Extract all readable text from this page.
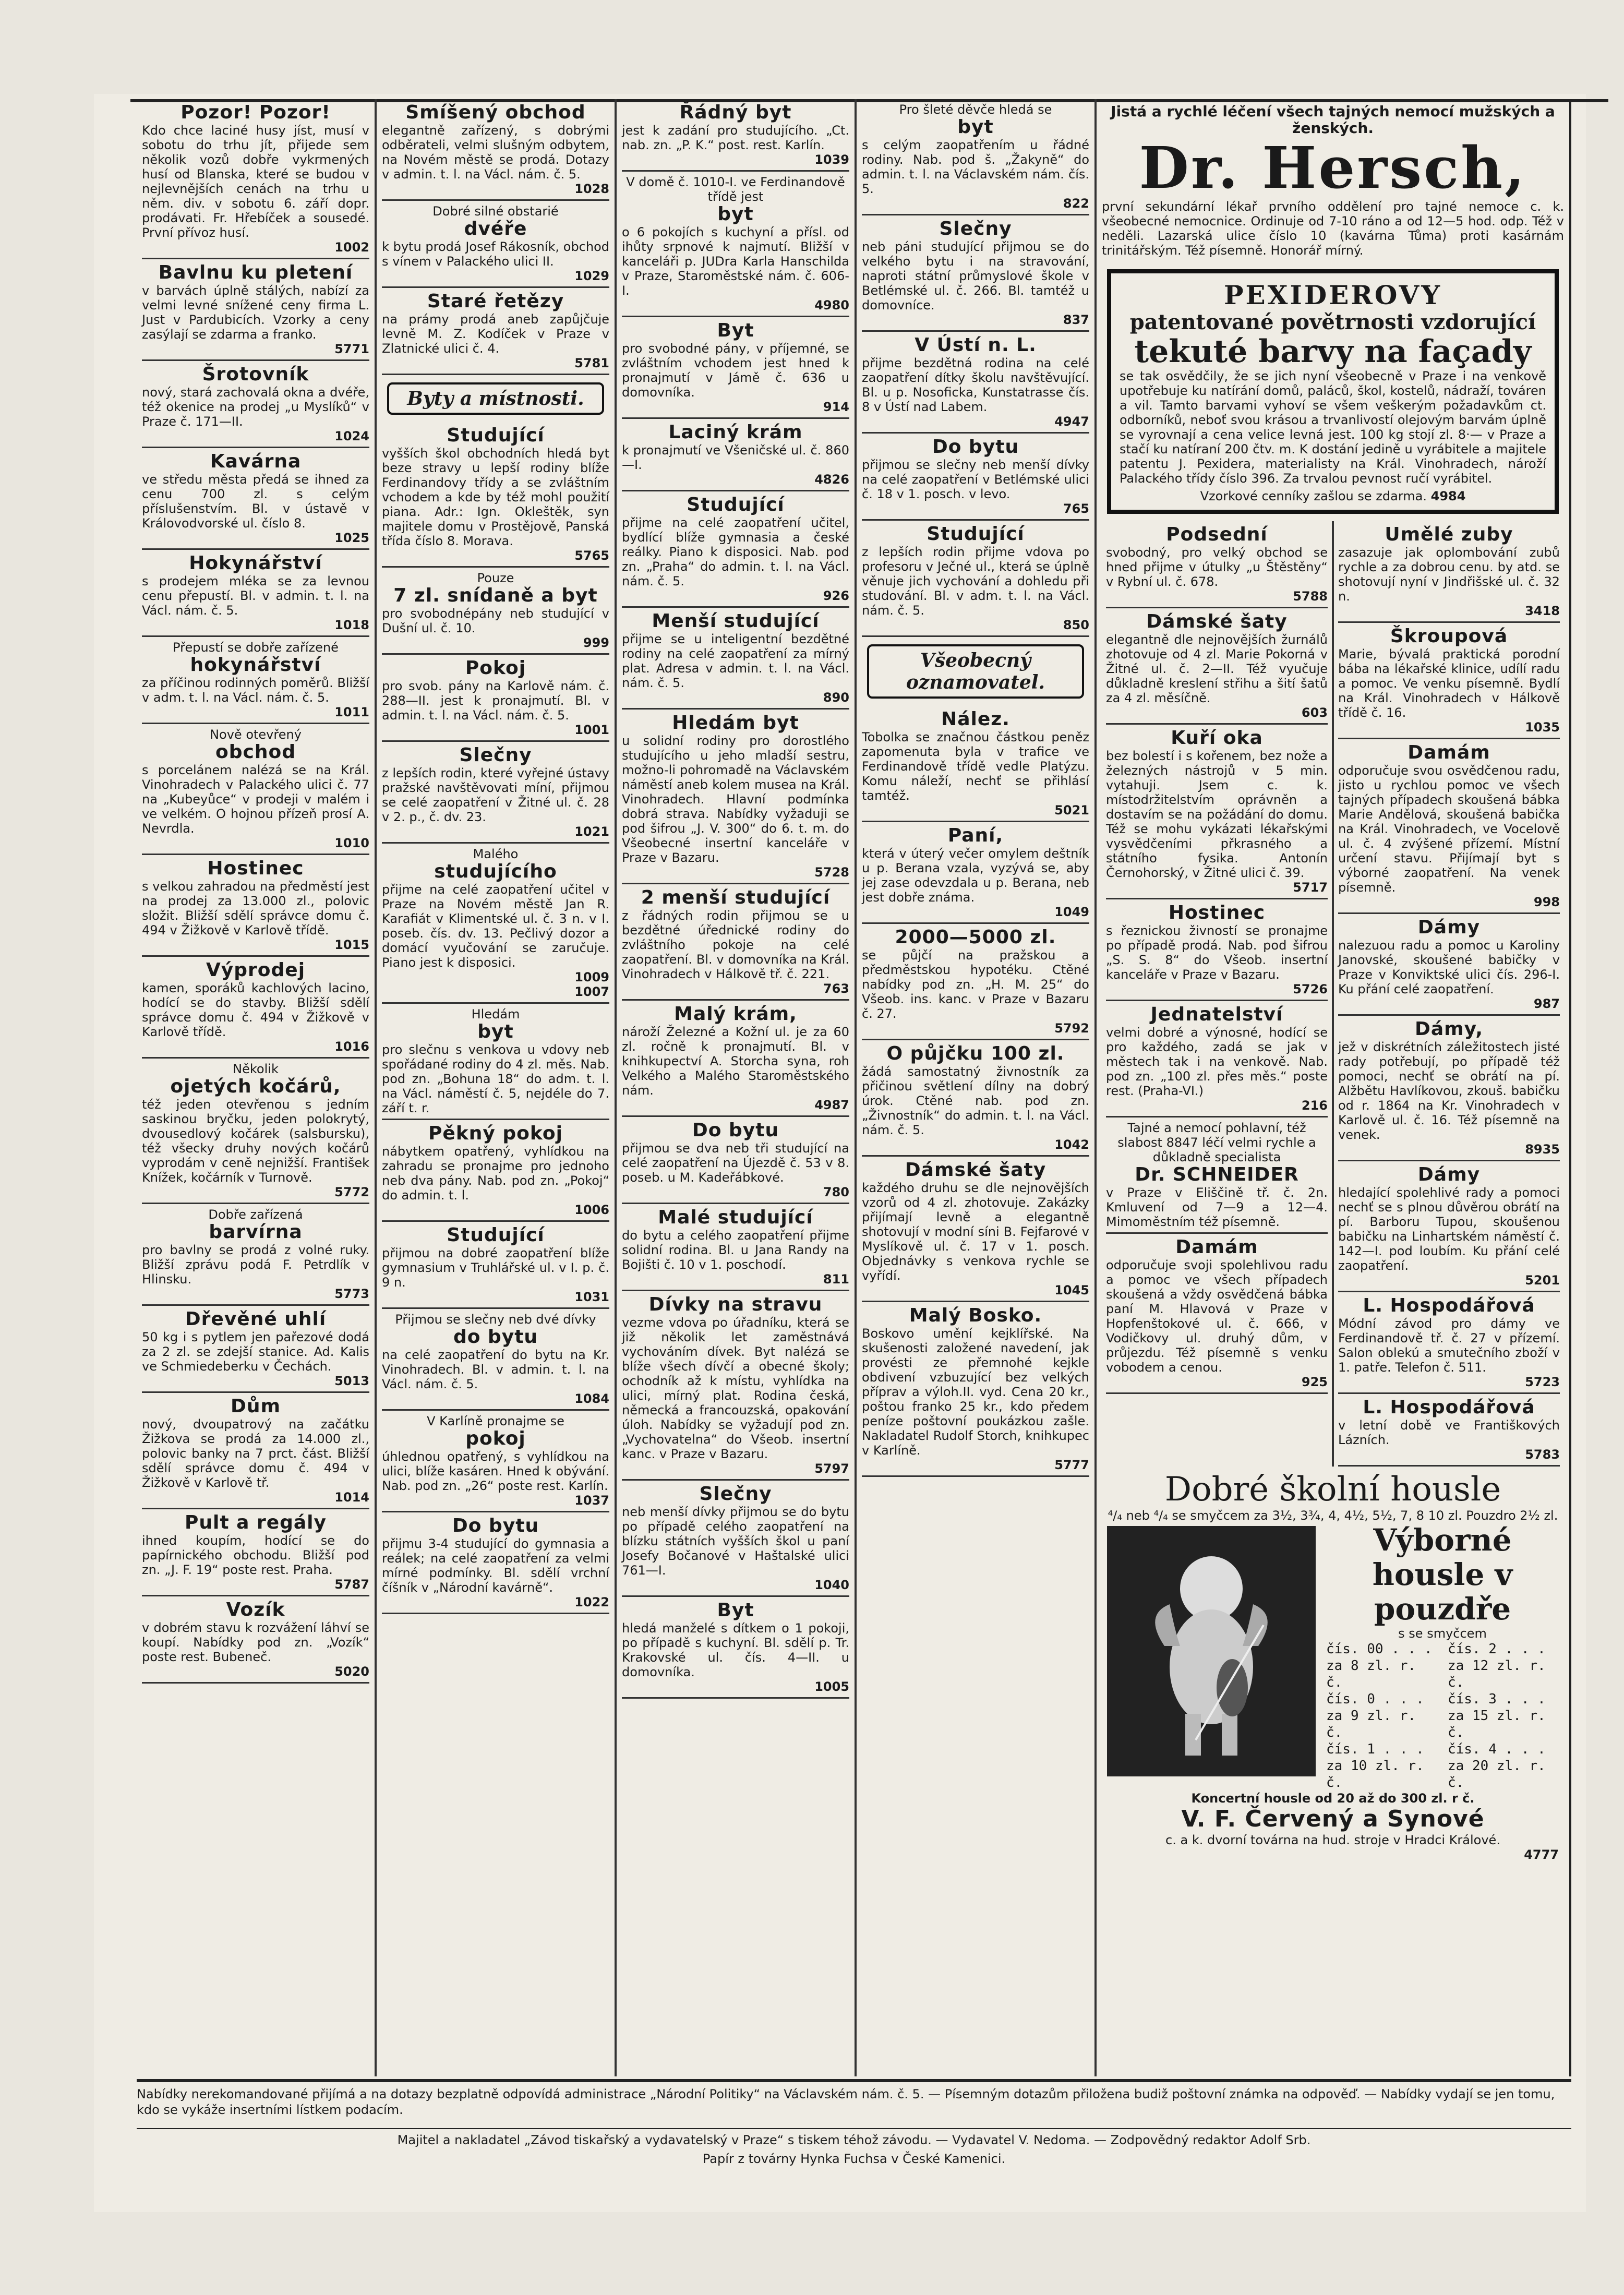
Pozor! Pozor!
Kdo chce laciné husy jíst, musí v sobotu do trhu jít, přijede sem několik vozů dobře vykrmených husí od Blanska, které se budou v nejlevnějších cenách na trhu u něm. div. v sobotu 6. září dopr. prodávati. Fr. Hřebíček a sousedé. První přívoz husí.
1002
Bavlnu ku pletení
v barvách úplně stálých, nabízí za velmi levné snížené ceny firma L. Just v Pardubicích. Vzorky a ceny zasýlají se zdarma a franko.
5771
Šrotovník
nový, stará zachovalá okna a dvéře, též okenice na prodej „u Myslíků“ v Praze č. 171—II.
1024
Kavárna
ve středu města předá se ihned za cenu 700 zl. s celým příslušenstvím. Bl. v ústavě v Královodvorské ul. číslo 8.
1025
Hokynářství
s prodejem mléka se za levnou cenu přepustí. Bl. v admin. t. l. na Václ. nám. č. 5.
1018
Přepustí se dobře zařízené
hokynářství
za příčinou rodinných poměrů. Bližší v adm. t. l. na Václ. nám. č. 5.
1011
Nově otevřený
obchod
s porcelánem nalézá se na Král. Vinohradech v Palackého ulici č. 77 na „Kubeyůce“ v prodeji v malém i ve velkém. O hojnou přízeň prosí A. Nevrdla.
1010
Hostinec
s velkou zahradou na předměstí jest na prodej za 13.000 zl., polovic složit. Bližší sdělí správce domu č. 494 v Žižkově v Karlově třídě.
1015
Výprodej
kamen, sporáků kachlových lacino, hodící se do stavby. Bližší sdělí správce domu č. 494 v Žižkově v Karlově třídě.
1016
Několik
ojetých kočárů,
též jeden otevřenou s jedním saskinou bryčku, jeden polokrytý, dvousedlový kočárek (salsbursku), též všecky druhy nových kočárů vyprodám v ceně nejnižší. František Knížek, kočárník v Turnově.
5772
Dobře zařízená
barvírna
pro bavlny se prodá z volné ruky. Bližší zprávu podá F. Petrdlík v Hlinsku.
5773
Dřevěné uhlí
50 kg i s pytlem jen pařezové dodá za 2 zl. se zdejší stanice. Ad. Kalis ve Schmiedeberku v Čechách.
5013
Dům
nový, dvoupatrový na začátku Žižkova se prodá za 14.000 zl., polovic banky na 7 prct. část. Bližší sdělí správce domu č. 494 v Žižkově v Karlově tř.
1014
Pult a regály
ihned koupím, hodící se do papírnického obchodu. Bližší pod zn. „J. F. 19“ poste rest. Praha.
5787
Vozík
v dobrém stavu k rozvážení láhví se koupí. Nabídky pod zn. „Vozík“ poste rest. Bubeneč.
5020
Smíšený obchod
elegantně zařízený, s dobrými odběrateli, velmi slušným odbytem, na Novém městě se prodá. Dotazy v admin. t. l. na Václ. nám. č. 5.
1028
Dobré silné obstarié
dvéře
k bytu prodá Josef Rákosník, obchod s vínem v Palackého ulici II.
1029
Staré řetězy
na prámy prodá aneb zapůjčuje levně M. Z. Kodíček v Praze v Zlatnické ulici č. 4.
5781
Byty a místnosti.
Studující
vyšších škol obchodních hledá byt beze stravy u lepší rodiny blíže Ferdinandovy třídy a se zvláštním vchodem a kde by též mohl použití piana. Adr.: Ign. Okleštěk, syn majitele domu v Prostějově, Panská třída číslo 8. Morava.
5765
Pouze
7 zl. snídaně a byt
pro svobodnépány neb studující v Dušní ul. č. 10.
999
Pokoj
pro svob. pány na Karlově nám. č. 288—II. jest k pronajmutí. Bl. v admin. t. l. na Václ. nám. č. 5.
1001
Slečny
z lepších rodin, které vyřejné ústavy pražské navštěvovati míní, přijmou se celé zaopatření v Žitné ul. č. 28 v 2. p., č. dv. 23.
1021
Malého
studujícího
přijme na celé zaopatření učitel v Praze na Novém městě Jan R. Karafiát v Klimentské ul. č. 3 n. v I. poseb. čís. dv. 13. Pečlivý dozor a domácí vyučování se zaručuje. Piano jest k disposici.
1009
1007
Hledám
byt
pro slečnu s venkova u vdovy neb spořádané rodiny do 4 zl. měs. Nab. pod zn. „Bohuna 18“ do adm. t. l. na Václ. náměstí č. 5, nejdéle do 7. září t. r.
Pěkný pokoj
nábytkem opatřený, vyhlídkou na zahradu se pronajme pro jednoho neb dva pány. Nab. pod zn. „Pokoj“ do admin. t. l.
1006
Studující
přijmou na dobré zaopatření blíže gymnasium v Truhlářské ul. v I. p. č. 9 n.
1031
Přijmou se slečny neb dvé dívky
do bytu
na celé zaopatření do bytu na Kr. Vinohradech. Bl. v admin. t. l. na Václ. nám. č. 5.
1084
V Karlíně pronajme se
pokoj
úhlednou opatřený, s vyhlídkou na ulici, blíže kasáren. Hned k obývání. Nab. pod zn. „26“ poste rest. Karlín.
1037
Do bytu
přijmu 3-4 studující do gymnasia a reálek; na celé zaopatření za velmi mírné podmínky. Bl. sdělí vrchní číšník v „Národní kavárně“.
1022
Řádný byt
jest k zadání pro studujícího. „Ct. nab. zn. „P. K.“ post. rest. Karlín.
1039
V domě č. 1010-I. ve Ferdinandově třídě jest
byt
o 6 pokojích s kuchyní a přísl. od ihůty srpnové k najmutí. Bližší v kanceláři p. JUDra Karla Hanschilda v Praze, Staroměstské nám. č. 606-I.
4980
Byt
pro svobodné pány, v příjemné, se zvláštním vchodem jest hned k pronajmutí v Jámě č. 636 u domovníka.
914
Laciný krám
k pronajmutí ve Všeničské ul. č. 860—I.
4826
Studující
přijme na celé zaopatření učitel, bydlící blíže gymnasia a české reálky. Piano k disposici. Nab. pod zn. „Praha“ do admin. t. l. na Václ. nám. č. 5.
926
Menší studující
přijme se u inteligentní bezdětné rodiny na celé zaopatření za mírný plat. Adresa v admin. t. l. na Václ. nám. č. 5.
890
Hledám byt
u solidní rodiny pro dorostlého studujícího u jeho mladší sestru, možno-li pohromadě na Václavském náměstí aneb kolem musea na Král. Vinohradech. Hlavní podmínka dobrá strava. Nabídky vyžaduji se pod šifrou „J. V. 300“ do 6. t. m. do Všeobecné insertní kanceláře v Praze v Bazaru.
5728
2 menší studující
z řádných rodin přijmou se u bezdětné úřednické rodiny do zvláštního pokoje na celé zaopatření. Bl. v domovníka na Král. Vinohradech v Hálkově tř. č. 221.
763
Malý krám,
nároží Železné a Kožní ul. je za 60 zl. ročně k pronajmutí. Bl. v knihkupectví A. Storcha syna, roh Velkého a Malého Staroměstského nám.
4987
Do bytu
přijmou se dva neb tři studující na celé zaopatření na Újezdě č. 53 v 8. poseb. u M. Kadeřábkové.
780
Malé studující
do bytu a celého zaopatření přijme solidní rodina. Bl. u Jana Randy na Bojišti č. 10 v 1. poschodí.
811
Dívky na stravu
vezme vdova po úřadníku, která se již několik let zaměstnává vychováním dívek. Byt nalézá se blíže všech dívčí a obecné školy; ochodník až k místu, vyhlídka na ulici, mírný plat. Rodina česká, německá a francouzská, opakování úloh. Nabídky se vyžadují pod zn. „Vychovatelna“ do Všeob. insertní kanc. v Praze v Bazaru.
5797
Slečny
neb menší dívky přijmou se do bytu po případě celého zaopatření na blízku státních vyšších škol u paní Josefy Bočanové v Haštalské ulici 761—I.
1040
Byt
hledá manželé s dítkem o 1 pokoji, po případě s kuchyní. Bl. sdělí p. Tr. Krakovské ul. čís. 4—II. u domovníka.
1005
Pro šleté děvče hledá se
byt
s celým zaopatřením u řádné rodiny. Nab. pod š. „Žakyně“ do admin. t. l. na Václavském nám. čís. 5.
822
Slečny
neb páni studující přijmou se do velkého bytu i na stravování, naproti státní průmyslové škole v Betlémské ul. č. 266. Bl. tamtéž u domovníce.
837
V Ústí n. L.
přijme bezdětná rodina na celé zaopatření dítky školu navštěvující. Bl. u p. Nosoficka, Kunstatrasse čís. 8 v Ústí nad Labem.
4947
Do bytu
přijmou se slečny neb menší dívky na celé zaopatření v Betlémské ulici č. 18 v 1. posch. v levo.
765
Studující
z lepších rodin přijme vdova po profesoru v Ječné ul., která se úplně věnuje jich vychování a dohledu při studování. Bl. v adm. t. l. na Václ. nám. č. 5.
850
Všeobecný oznamovatel.
Nález.
Tobolka se značnou částkou peněz zapomenuta byla v trafice ve Ferdinandově třídě vedle Platýzu. Komu náleží, nechť se přihlásí tamtéž.
5021
Paní,
která v úterý večer omylem deštník u p. Berana vzala, vyzývá se, aby jej zase odevzdala u p. Berana, neb jest dobře známa.
1049
2000—5000 zl.
se půjčí na pražskou a předměstskou hypotéku. Ctěné nabídky pod zn. „H. M. 25“ do Všeob. ins. kanc. v Praze v Bazaru č. 27.
5792
O půjčku 100 zl.
žádá samostatný živnostník za přičinou světlení dílny na dobrý úrok. Ctěné nab. pod zn. „Živnostník“ do admin. t. l. na Václ. nám. č. 5.
1042
Dámské šaty
každého druhu se dle nejnovějších vzorů od 4 zl. zhotovuje. Zakázky přijímají levně a elegantně shotovují v modní síni B. Fejfarové v Myslíkově ul. č. 17 v 1. posch. Objednávky s venkova rychle se vyřídí.
1045
Malý Bosko.
Boskovo umění kejklířské. Na skušenosti založené navedení, jak provésti ze přemnohé kejkle obdivení vzbuzující bez velkých příprav a výloh.II. vyd. Cena 20 kr., poštou franko 25 kr., kdo předem peníze poštovní poukázkou zašle. Nakladatel Rudolf Storch, knihkupec v Karlíně.
5777
Jistá a rychlé léčení všech tajných nemocí mužských a ženských.
Dr. Hersch,
první sekundární lékař prvního oddělení pro tajné nemoce c. k. všeobecné nemocnice. Ordinuje od 7-10 ráno a od 12—5 hod. odp. Též v neděli. Lazarská ulice číslo 10 (kavárna Tůma) proti kasárnám trinitářským. Též písemně. Honorář mírný.
PEXIDEROVY
patentované povětrnosti vzdorující
tekuté barvy na façady
se tak osvědčily, že se jich nyní všeobecně v Praze i na venkově upotřebuje ku natírání domů, paláců, škol, kostelů, nádraží, továren a vil. Tamto barvami vyhoví se všem veškerým požadavkům ct. odborníků, neboť svou krásou a trvanlivostí olejovým barvám úplně se vyrovnají a cena velice levná jest. 100 kg stojí zl. 8·— v Praze a stačí ku natíraní 200 čtv. m. K dostání jedině u vyrábitele a majitele patentu J. Pexidera, materialisty na Král. Vinohradech, nároží Palackého třídy číslo 396. Za trvalou pevnost ručí vyrábitel.
Vzorkové cenníky zašlou se zdarma. 4984
Podsední
svobodný, pro velký obchod se hned přijme v útulky „u Štěstěny“ v Rybní ul. č. 678.
5788
Dámské šaty
elegantně dle nejnovějších žurnálů zhotovuje od 4 zl. Marie Pokorná v Žitné ul. č. 2—II. Též vyučuje důkladně kreslení střihu a šití šatů za 4 zl. měsíčně.
603
Kuří oka
bez bolestí i s kořenem, bez nože a železných nástrojů v 5 min. vytahuji. Jsem c. k. místodržitelstvím oprávněn a dostavím se na požádání do domu. Též se mohu vykázati lékařskými vysvědčeními přkrasného a státního fysika. Antonín Černohorský, v Žitné ulici č. 39.
5717
Hostinec
s řeznickou živností se pronajme po případě prodá. Nab. pod šifrou „S. S. 8“ do Všeob. insertní kanceláře v Praze v Bazaru.
5726
Jednatelství
velmi dobré a výnosné, hodící se pro každého, zadá se jak v městech tak i na venkově. Nab. pod zn. „100 zl. přes měs.“ poste rest. (Praha-VI.)
216
Tajné a nemocí pohlavní, též slabost 8847 léčí velmi rychle a důkladně specialista
Dr. SCHNEIDER
v Praze v Eliščině tř. č. 2n. Kmluvení od 7—9 a 12—4. Mimoměstním též písemně.
Damám
odporučuje svoji spolehlivou radu a pomoc ve všech případech skoušená a vždy osvědčená bábka paní M. Hlavová v Praze v Hopfenštokové ul. č. 666, v Vodičkovy ul. druhý dům, v průjezdu. Též písemně s venku vobodem a cenou.
925
Umělé zuby
zasazuje jak oplombování zubů rychle a za dobrou cenu. by atd. se shotovují nyní v Jindřišské ul. č. 32 n.
3418
Škroupová
Marie, bývalá praktická porodní bába na lékařské klinice, udílí radu a pomoc. Ve venku písemně. Bydlí na Král. Vinohradech v Hálkově třídě č. 16.
1035
Damám
odporučuje svou osvědčenou radu, jisto u rychlou pomoc ve všech tajných případech skoušená bábka Marie Andělová, skoušená babička na Král. Vinohradech, ve Vocelově ul. č. 4 zvýšené přízemí. Místní určení stavu. Přijímají byt s výborné zaopatření. Na venek písemně.
998
Dámy
nalezuou radu a pomoc u Karoliny Janovské, skoušené babičky v Praze v Konviktské ulici čís. 296-I. Ku přání celé zaopatření.
987
Dámy,
jež v diskrétních záležitostech jisté rady potřebují, po případě též pomoci, nechť se obrátí na pí. Alžbětu Havlíkovou, zkouš. babičku od r. 1864 na Kr. Vinohradech v Karlově ul. č. 16. Též písemně na venek.
8935
Dámy
hledající spolehlivé rady a pomoci nechť se s plnou důvěrou obrátí na pí. Barboru Tupou, skoušenou babičku na Linhartském náměstí č. 142—I. pod loubím. Ku přání celé zaopatření.
5201
L. Hospodářová
Módní závod pro dámy ve Ferdinandově tř. č. 27 v přízemí. Salon oblekú a smutečního zboží v 1. patře. Telefon č. 511.
5723
L. Hospodářová
v letní době ve Františkových Lázních.
5783
Dobré školní housle
⁴/₄ neb ⁴/₄ se smyčcem za 3½, 3¾, 4, 4½, 5½, 7, 8 10 zl. Pouzdro 2½ zl.
Výborné housle v pouzdře
s se smyčcem
čís. 00 . . . za 8 zl. r. č.
čís. 2 . . . za 12 zl. r. č.
čís. 0 . . . za 9 zl. r. č.
čís. 3 . . . za 15 zl. r. č.
čís. 1 . . . za 10 zl. r. č.
čís. 4 . . . za 20 zl. r. č.
Koncertní housle od 20 až do 300 zl. r č.
V. F. Červený a Synové
c. a k. dvorní továrna na hud. stroje v Hradci Králové.
4777
Nabídky nerekomandované přijímá a na dotazy bezplatně odpovídá administrace „Národní Politiky“ na Václavském nám. č. 5. — Písemným dotazům přiložena budiž poštovní známka na odpověď. — Nabídky vydají se jen tomu, kdo se vykáže insertními lístkem podacím.
Majitel a nakladatel „Závod tiskařský a vydavatelský v Praze“ s tiskem téhož závodu. — Vydavatel V. Nedoma. — Zodpovědný redaktor Adolf Srb.
Papír z továrny Hynka Fuchsa v České Kamenici.
